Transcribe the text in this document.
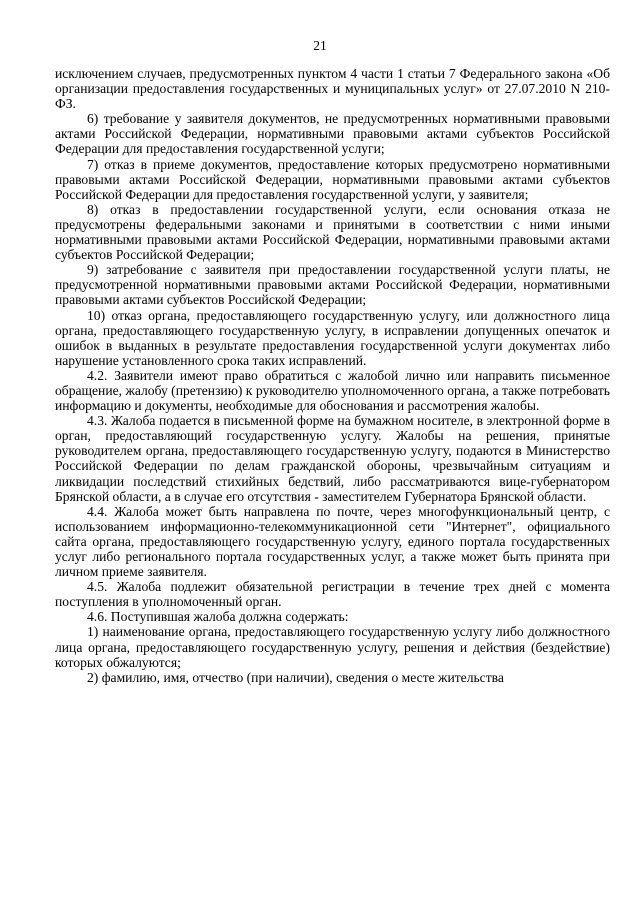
21

исключением случаев, предусмотренных пунктом 4 части 1 статьи 7 Федерального закона «Об организации предоставления государственных и муниципальных услуг» от 27.07.2010 N 210-ФЗ.

6) требование у заявителя документов, не предусмотренных нормативными правовыми актами Российской Федерации, нормативными правовыми актами субъектов Российской Федерации для предоставления государственной услуги;

7) отказ в приеме документов, предоставление которых предусмотрено нормативными правовыми актами Российской Федерации, нормативными правовыми актами субъектов Российской Федерации для предоставления государственной услуги, у заявителя;

8) отказ в предоставлении государственной услуги, если основания отказа не предусмотрены федеральными законами и принятыми в соответствии с ними иными нормативными правовыми актами Российской Федерации, нормативными правовыми актами субъектов Российской Федерации;

9) затребование с заявителя при предоставлении государственной услуги платы, не предусмотренной нормативными правовыми актами Российской Федерации, нормативными правовыми актами субъектов Российской Федерации;

10) отказ органа, предоставляющего государственную услугу, или должностного лица органа, предоставляющего государственную услугу, в исправлении допущенных опечаток и ошибок в выданных в результате предоставления государственной услуги документах либо нарушение установленного срока таких исправлений.

4.2. Заявители имеют право обратиться с жалобой лично или направить письменное обращение, жалобу (претензию) к руководителю уполномоченного органа, а также потребовать информацию и документы, необходимые для обоснования и рассмотрения жалобы.

4.3. Жалоба подается в письменной форме на бумажном носителе, в электронной форме в орган, предоставляющий государственную услугу. Жалобы на решения, принятые руководителем органа, предоставляющего государственную услугу, подаются в Министерство Российской Федерации по делам гражданской обороны, чрезвычайным ситуациям и ликвидации последствий стихийных бедствий, либо рассматриваются вице-губернатором Брянской области, а в случае его отсутствия - заместителем Губернатора Брянской области.

4.4. Жалоба может быть направлена по почте, через многофункциональный центр, с использованием информационно-телекоммуникационной сети "Интернет", официального сайта органа, предоставляющего государственную услугу, единого портала государственных услуг либо регионального портала государственных услуг, а также может быть принята при личном приеме заявителя.

4.5. Жалоба подлежит обязательной регистрации в течение трех дней с момента поступления в уполномоченный орган.

4.6. Поступившая жалоба должна содержать:

1) наименование органа, предоставляющего государственную услугу либо должностного лица органа, предоставляющего государственную услугу, решения и действия (бездействие) которых обжалуются;

2) фамилию, имя, отчество (при наличии), сведения о месте жительства
